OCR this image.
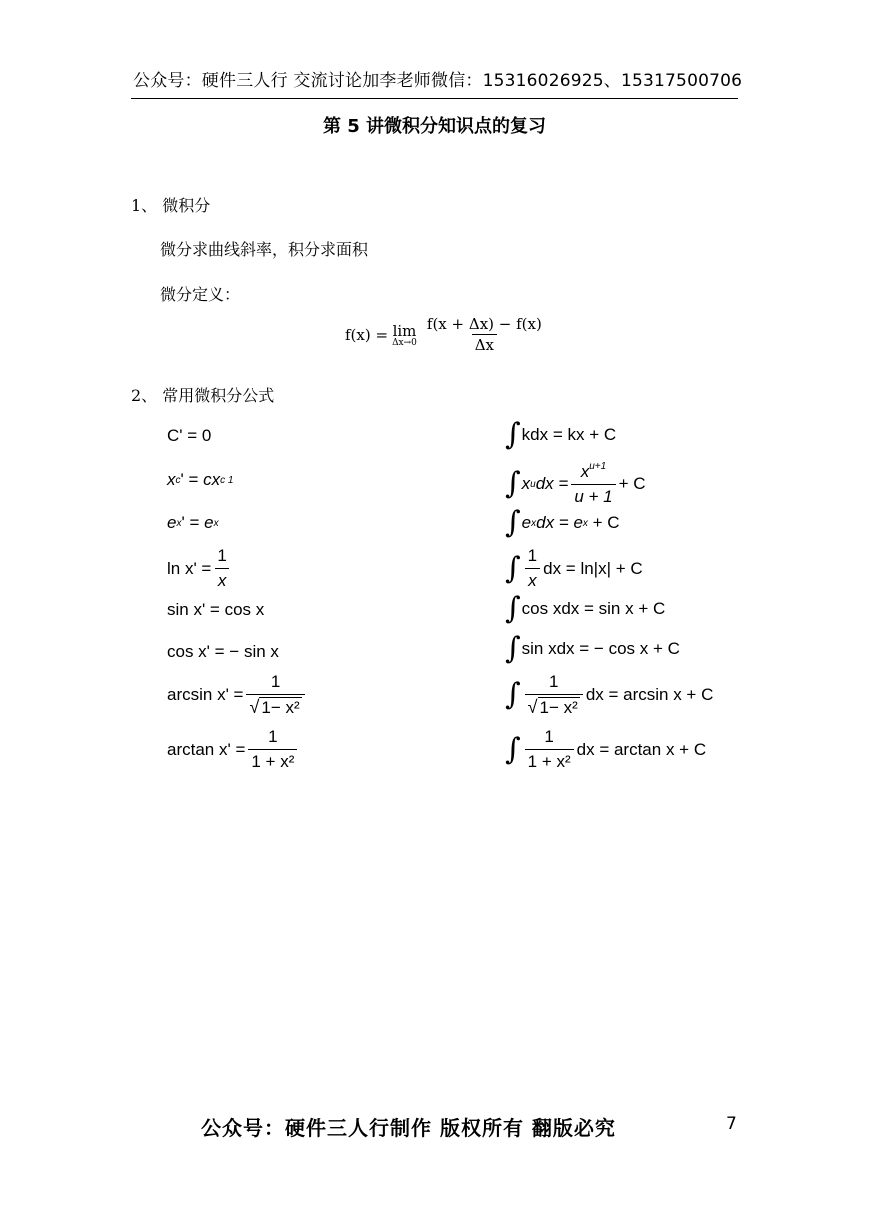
公众号：硬件三人行 交流讨论加李老师微信：15316026925、15317500706
第 5 讲微积分知识点的复习
1、 微积分
微分求曲线斜率，积分求面积
微分定义：
f(x) = lim
$\Delta x\to 0 \frac{f(x + \Delta x) - f(x)}{\Delta x}$
2、 常用微积分公式
C' = 0
x c ' =
cx c 1
e x ' =
e x
$\ln x' = \frac{1}{x}$
sin x' = cos x
cos x' = − sin x
$\arcsin x' = \frac{1}{\text{√ 1− x²}}$
$\arctan x' = \frac{1}{\text{1 + x²}}$
∫ kdx = kx + C
∫ x u dx = $\frac{x^{u+1}}{u + 1} + C$
∫ e x dx = e x
+ C
∫ $\frac{1}{x}$ dx = ln|x| + C
∫ cos xdx = sin x + C
∫ sin xdx = − cos x + C
∫ $\frac{1}{\text{√ 1− x²}}$ dx = arcsin x + C
∫ $\frac{1}{\text{1 + x²}}$ dx = arctan x + C
公众号：硬件三人行制作 版权所有 翻版必究	7
